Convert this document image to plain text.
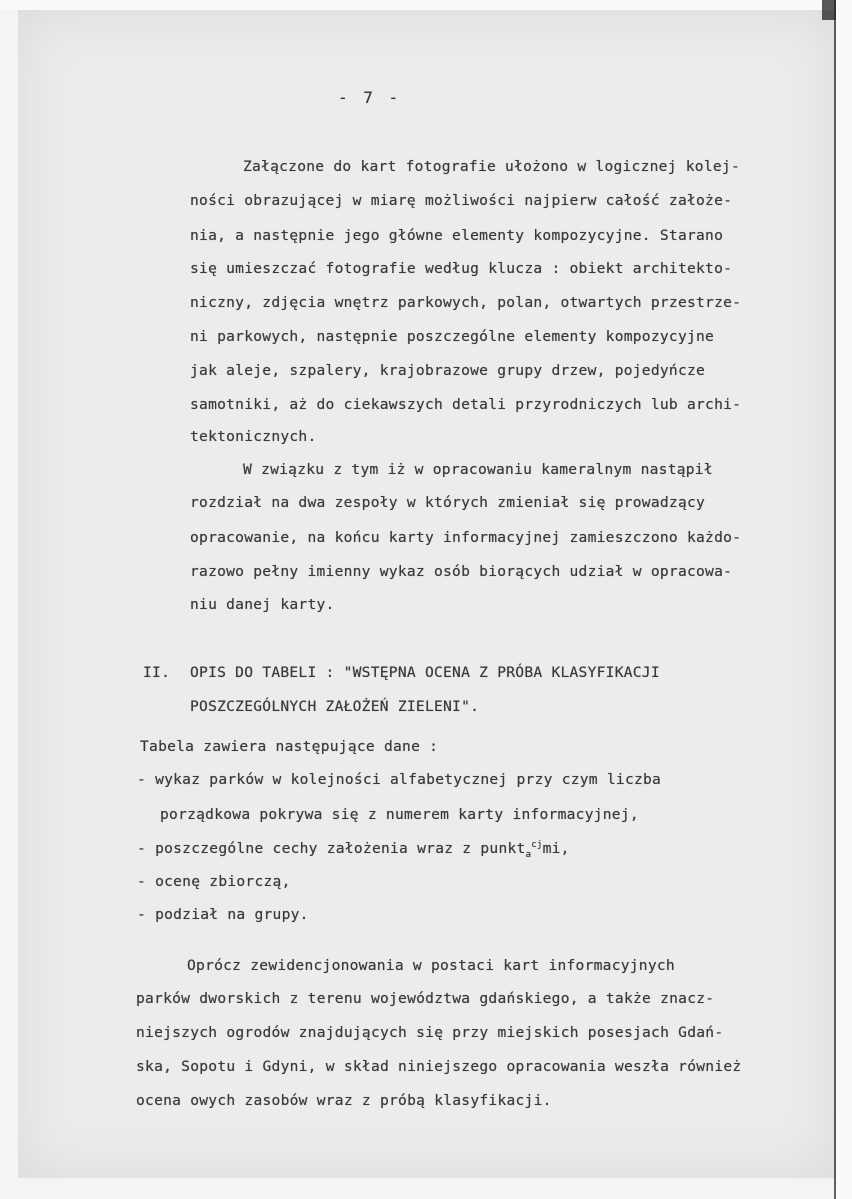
- 7 -
Załączone do kart fotografie ułożono w logicznej kolej-
ności obrazującej w miarę możliwości najpierw całość założe-
nia, a następnie jego główne elementy kompozycyjne. Starano
się umieszczać fotografie według klucza : obiekt architekto-
niczny, zdjęcia wnętrz parkowych, polan, otwartych przestrze-
ni parkowych, następnie poszczególne elementy kompozycyjne
jak aleje, szpalery, krajobrazowe grupy drzew, pojedyńcze
samotniki, aż do ciekawszych detali przyrodniczych lub archi-
tektonicznych.
W związku z tym iż w opracowaniu kameralnym nastąpił
rozdział na dwa zespoły w których zmieniał się prowadzący
opracowanie, na końcu karty informacyjnej zamieszczono każdo-
razowo pełny imienny wykaz osób biorących udział w opracowa-
niu danej karty.
II. OPIS DO TABELI : "WSTĘPNA OCENA Z PRÓBA KLASYFIKACJI
POSZCZEGÓLNYCH ZAŁOŻEŃ ZIELENI".
Tabela zawiera następujące dane :
- wykaz parków w kolejności alfabetycznej przy czym liczba
porządkowa pokrywa się z numerem karty informacyjnej,
- poszczególne cechy założenia wraz z punkt$_a^{cj}$mi,
- ocenę zbiorczą,
- podział na grupy.
Oprócz zewidencjonowania w postaci kart informacyjnych
parków dworskich z terenu województwa gdańskiego, a także znacz-
niejszych ogrodów znajdujących się przy miejskich posesjach Gdań-
ska, Sopotu i Gdyni, w skład niniejszego opracowania weszła również
ocena owych zasobów wraz z próbą klasyfikacji.
